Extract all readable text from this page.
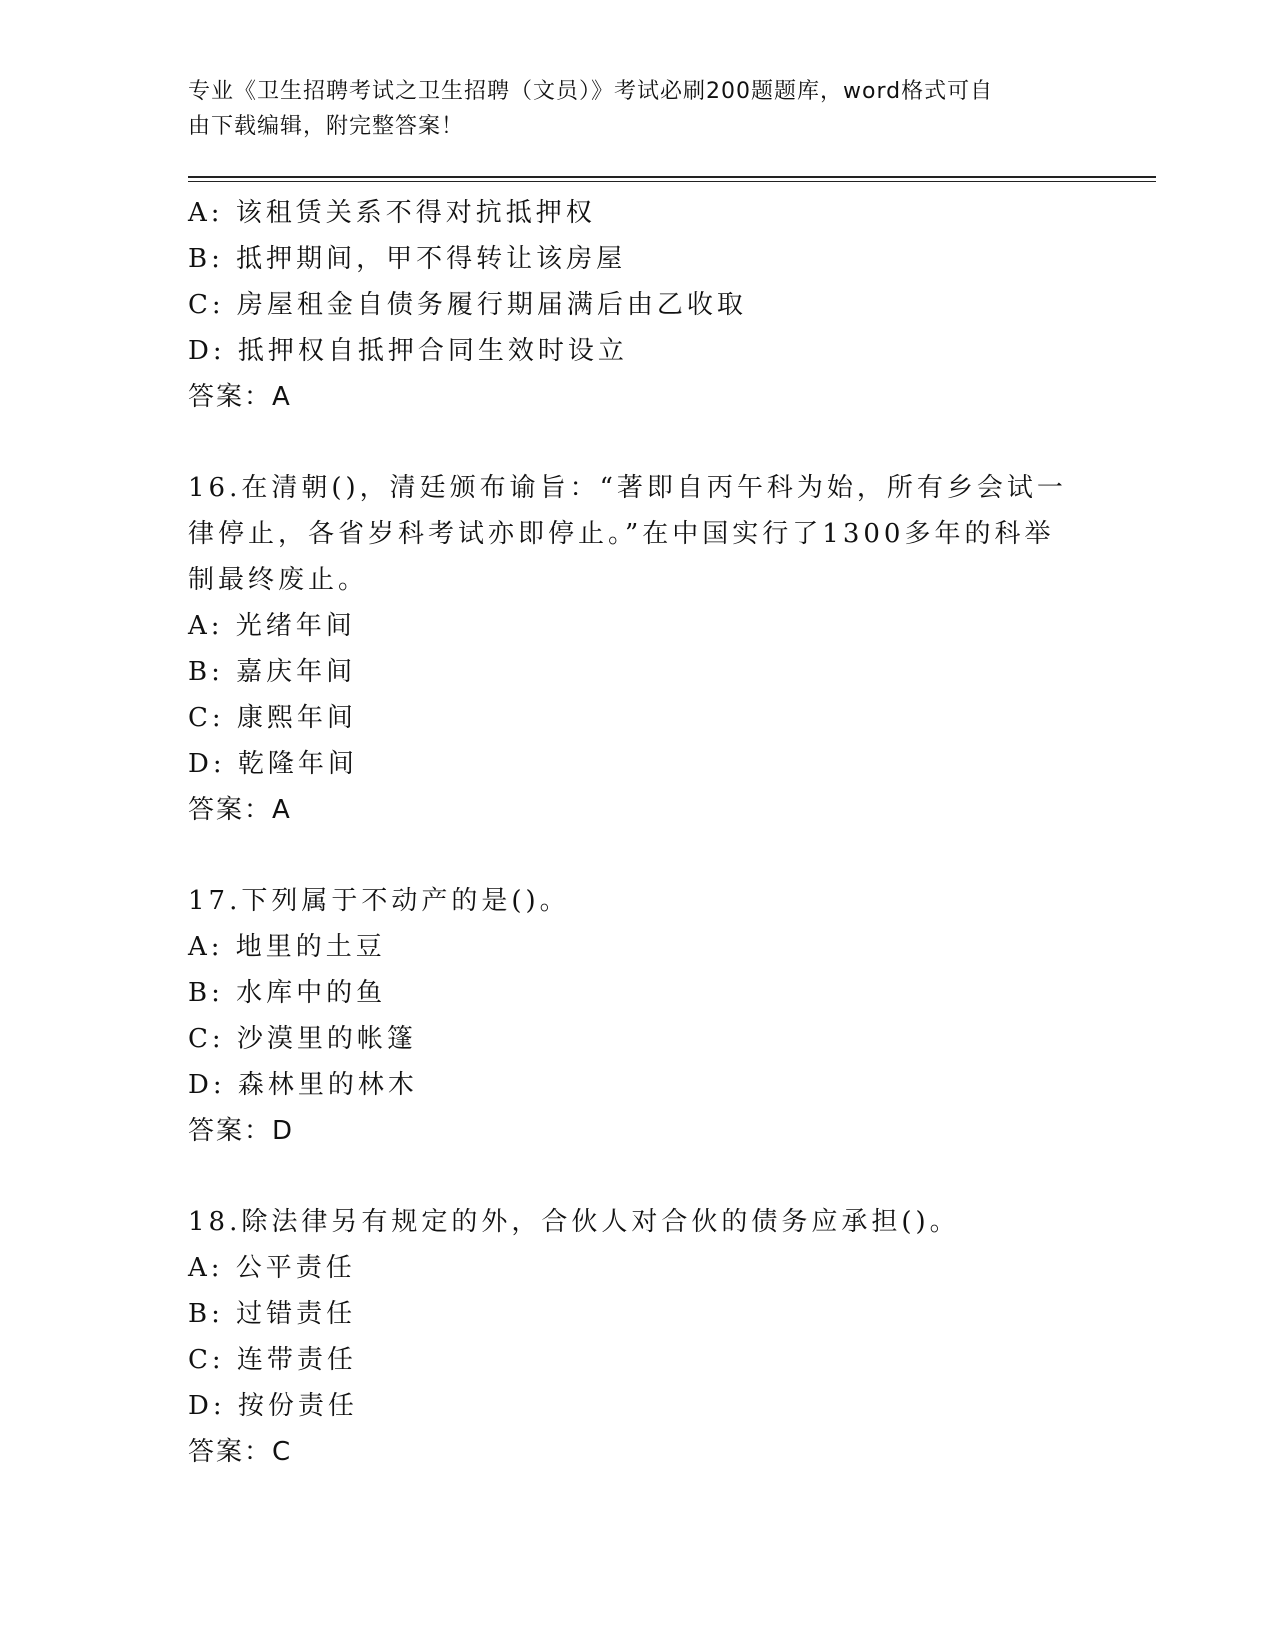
专业《卫生招聘考试之卫生招聘（文员）》考试必刷200题题库，word格式可自
由下载编辑，附完整答案！
A: 该租赁关系不得对抗抵押权
B: 抵押期间，甲不得转让该房屋
C: 房屋租金自债务履行期届满后由乙收取
D: 抵押权自抵押合同生效时设立
答案：A
16.在清朝()，清廷颁布谕旨：“著即自丙午科为始，所有乡会试一律停止，各省岁科考试亦即停止。”在中国实行了1300多年的科举制最终废止。
A: 光绪年间
B: 嘉庆年间
C: 康熙年间
D: 乾隆年间
答案：A
17.下列属于不动产的是()。
A: 地里的土豆
B: 水库中的鱼
C: 沙漠里的帐篷
D: 森林里的林木
答案：D
18.除法律另有规定的外，合伙人对合伙的债务应承担()。
A: 公平责任
B: 过错责任
C: 连带责任
D: 按份责任
答案：C
